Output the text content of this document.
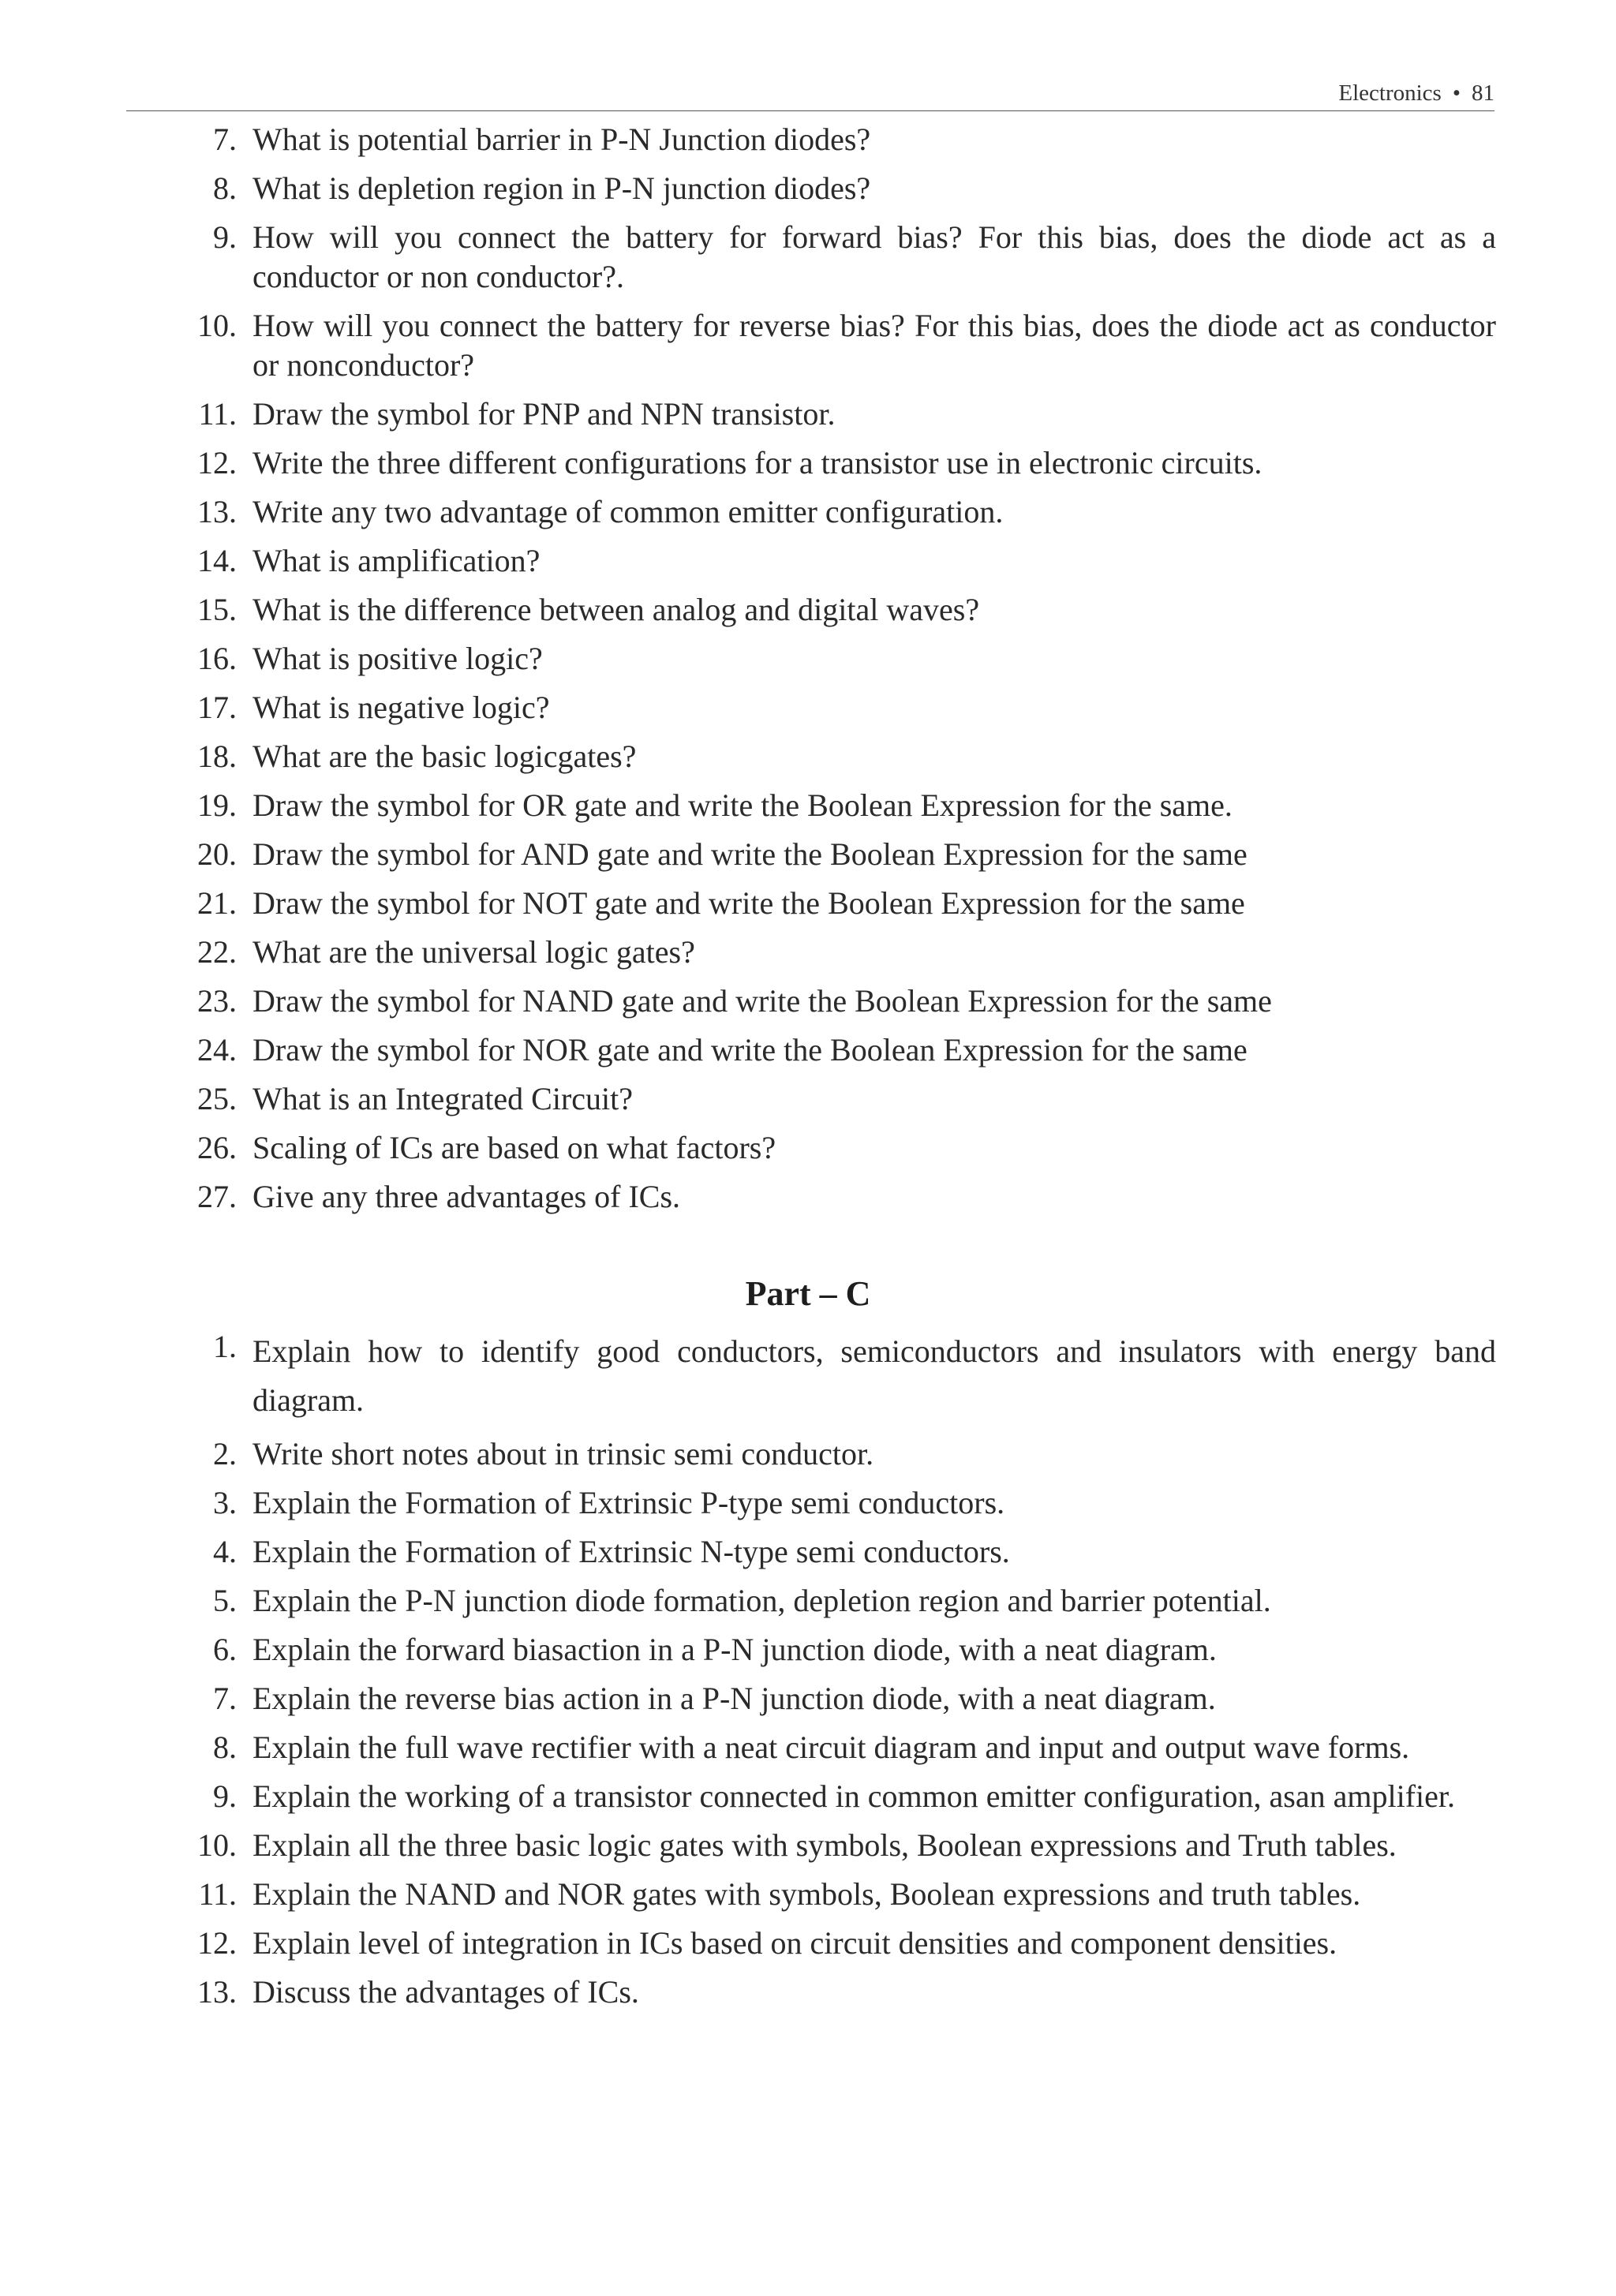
Electronics • 81
7. What is potential barrier in P-N Junction diodes?
8. What is depletion region in P-N junction diodes?
9. How will you connect the battery for forward bias? For this bias, does the diode act as a conductor or non conductor?.
10. How will you connect the battery for reverse bias? For this bias, does the diode act as conductor or nonconductor?
11. Draw the symbol for PNP and NPN transistor.
12. Write the three different configurations for a transistor use in electronic circuits.
13. Write any two advantage of common emitter configuration.
14. What is amplification?
15. What is the difference between analog and digital waves?
16. What is positive logic?
17. What is negative logic?
18. What are the basic logicgates?
19. Draw the symbol for OR gate and write the Boolean Expression for the same.
20. Draw the symbol for AND gate and write the Boolean Expression for the same
21. Draw the symbol for NOT gate and write the Boolean Expression for the same
22. What are the universal logic gates?
23. Draw the symbol for NAND gate and write the Boolean Expression for the same
24. Draw the symbol for NOR gate and write the Boolean Expression for the same
25. What is an Integrated Circuit?
26. Scaling of ICs are based on what factors?
27. Give any three advantages of ICs.
Part – C
1. Explain how to identify good conductors, semiconductors and insulators with energy band diagram.
2. Write short notes about in trinsic semi conductor.
3. Explain the Formation of Extrinsic P-type semi conductors.
4. Explain the Formation of Extrinsic N-type semi conductors.
5. Explain the P-N junction diode formation, depletion region and barrier potential.
6. Explain the forward biasaction in a P-N junction diode, with a neat diagram.
7. Explain the reverse bias action in a P-N junction diode, with a neat diagram.
8. Explain the full wave rectifier with a neat circuit diagram and input and output wave forms.
9. Explain the working of a transistor connected in common emitter configuration, asan amplifier.
10. Explain all the three basic logic gates with symbols, Boolean expressions and Truth tables.
11. Explain the NAND and NOR gates with symbols, Boolean expressions and truth tables.
12. Explain level of integration in ICs based on circuit densities and component densities.
13. Discuss the advantages of ICs.
